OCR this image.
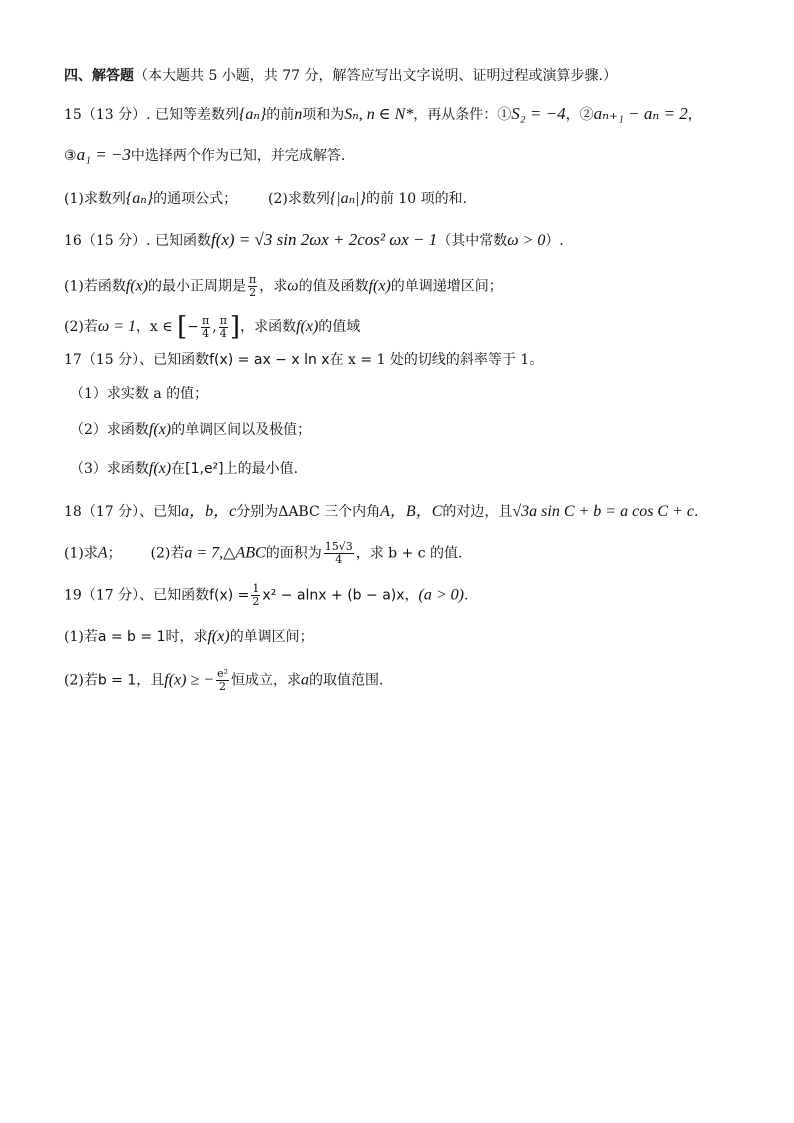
四、解答题（本大题共 5 小题，共 77 分，解答应写出文字说明、证明过程或演算步骤.）
15（13 分）. 已知等差数列{aₙ}的前n项和为Sₙ, n ∈ N*，再从条件：①S₂ = −4，②aₙ₊₁ − aₙ = 2，
③a₁ = −3中选择两个作为已知，并完成解答.
(1)求数列{aₙ}的通项公式； (2)求数列{|aₙ|}的前 10 项的和.
16（15 分）. 已知函数f(x) = √3 sin 2ωx + 2cos² ωx − 1（其中常数ω > 0）.
(1)若函数f(x)的最小正周期是 $\frac{\pi}{2}$ ，求ω的值及函数f(x)的单调递增区间；
(2)若ω = 1，x ∈ [− $\frac{\pi}{4}$ , $\frac{\pi}{4}$ ]，求函数f(x)的值域
17（15 分）、已知函数f(x) = ax − x ln x在 x = 1 处的切线的斜率等于 1。
（1）求实数 a 的值；
（2）求函数f(x)的单调区间以及极值；
（3）求函数f(x)在[1,e²]上的最小值.
18（17 分）、已知a，b，c分别为ΔABC 三个内角A，B，C的对边，且√3a sin C + b = a cos C + c.
(1)求A； (2)若a = 7,△ABC的面积为 $\frac{15√3}{4}$ ，求 b + c 的值.
19（17 分）、已知函数$f(x) = \frac{1}{2} x^2 - alnx + (b - a)x$，(a > 0).
(1)若a = b = 1时，求f(x)的单调区间；
(2)若b = 1，且f(x) ≥ − $\frac{\text{e²}}{2}$ 恒成立，求a的取值范围.
